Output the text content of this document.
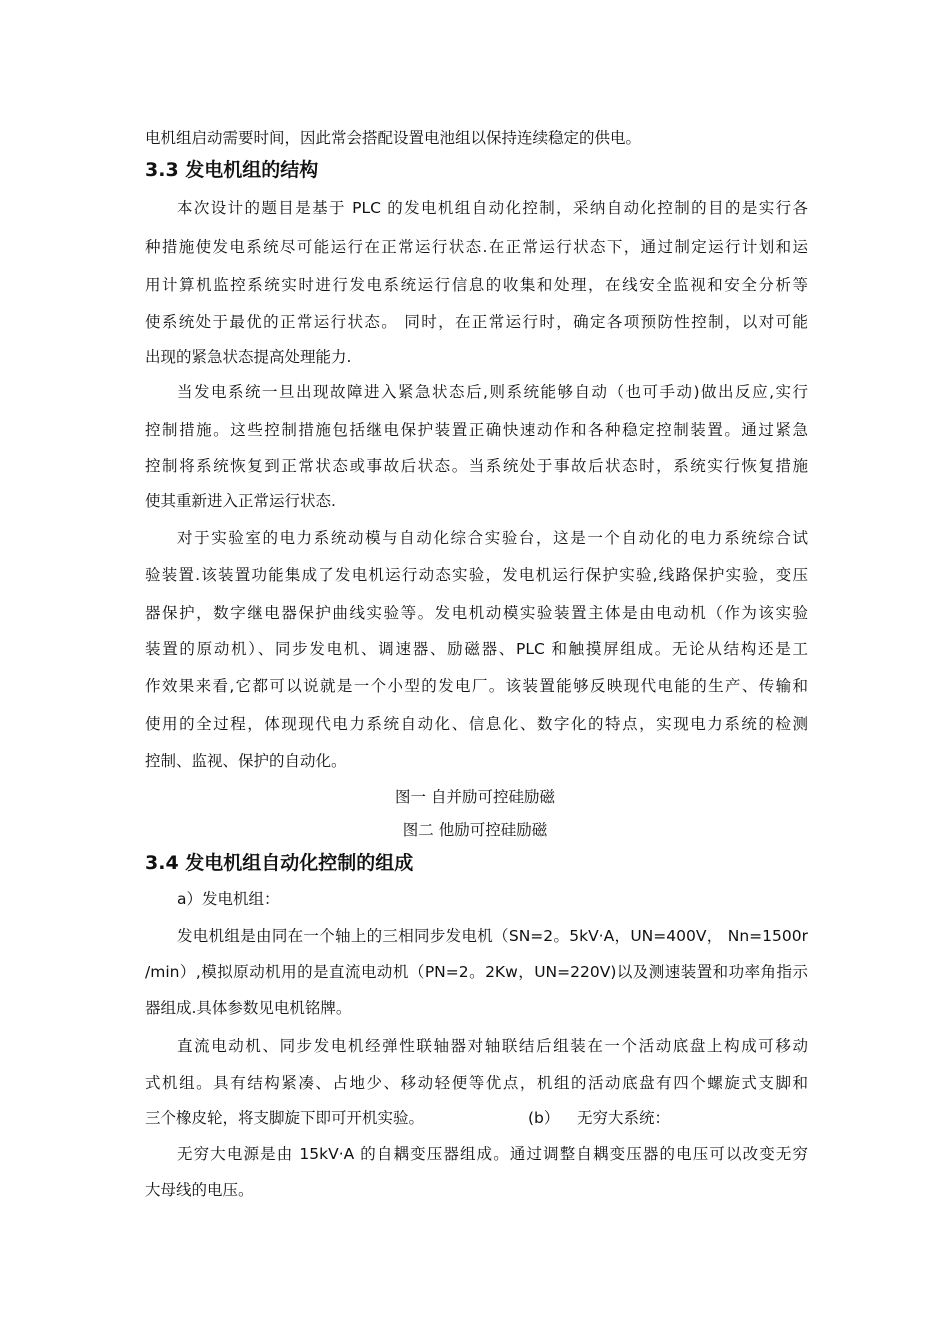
电机组启动需要时间，因此常会搭配设置电池组以保持连续稳定的供电。
3.3 发电机组的结构
本次设计的题目是基于 PLC 的发电机组自动化控制，采纳自动化控制的目的是实行各
种措施使发电系统尽可能运行在正常运行状态.在正常运行状态下，通过制定运行计划和运
用计算机监控系统实时进行发电系统运行信息的收集和处理，在线安全监视和安全分析等
使系统处于最优的正常运行状态。 同时，在正常运行时，确定各项预防性控制，以对可能
出现的紧急状态提高处理能力.
当发电系统一旦出现故障进入紧急状态后,则系统能够自动（也可手动)做出反应,实行
控制措施。这些控制措施包括继电保护装置正确快速动作和各种稳定控制装置。通过紧急
控制将系统恢复到正常状态或事故后状态。当系统处于事故后状态时，系统实行恢复措施
使其重新进入正常运行状态.
对于实验室的电力系统动模与自动化综合实验台，这是一个自动化的电力系统综合试
验装置.该装置功能集成了发电机运行动态实验，发电机运行保护实验,线路保护实验，变压
器保护，数字继电器保护曲线实验等。发电机动模实验装置主体是由电动机（作为该实验
装置的原动机）、同步发电机、调速器、励磁器、PLC 和触摸屏组成。无论从结构还是工
作效果来看,它都可以说就是一个小型的发电厂。该装置能够反映现代电能的生产、传输和
使用的全过程，体现现代电力系统自动化、信息化、数字化的特点，实现电力系统的检测
控制、监视、保护的自动化。
图一 自并励可控硅励磁
图二 他励可控硅励磁
3.4 发电机组自动化控制的组成
a）发电机组：
发电机组是由同在一个轴上的三相同步发电机（SN=2。5kV·A，UN=400V， Nn=1500r
/min）,模拟原动机用的是直流电动机（PN=2。2Kw，UN=220V)以及测速装置和功率角指示
器组成.具体参数见电机铭牌。
直流电动机、同步发电机经弹性联轴器对轴联结后组装在一个活动底盘上构成可移动
式机组。具有结构紧凑、占地少、移动轻便等优点，机组的活动底盘有四个螺旋式支脚和
三个橡皮轮，将支脚旋下即可开机实验。	(b） 无穷大系统：
无穷大电源是由 15kV·A 的自耦变压器组成。通过调整自耦变压器的电压可以改变无穷
大母线的电压。
